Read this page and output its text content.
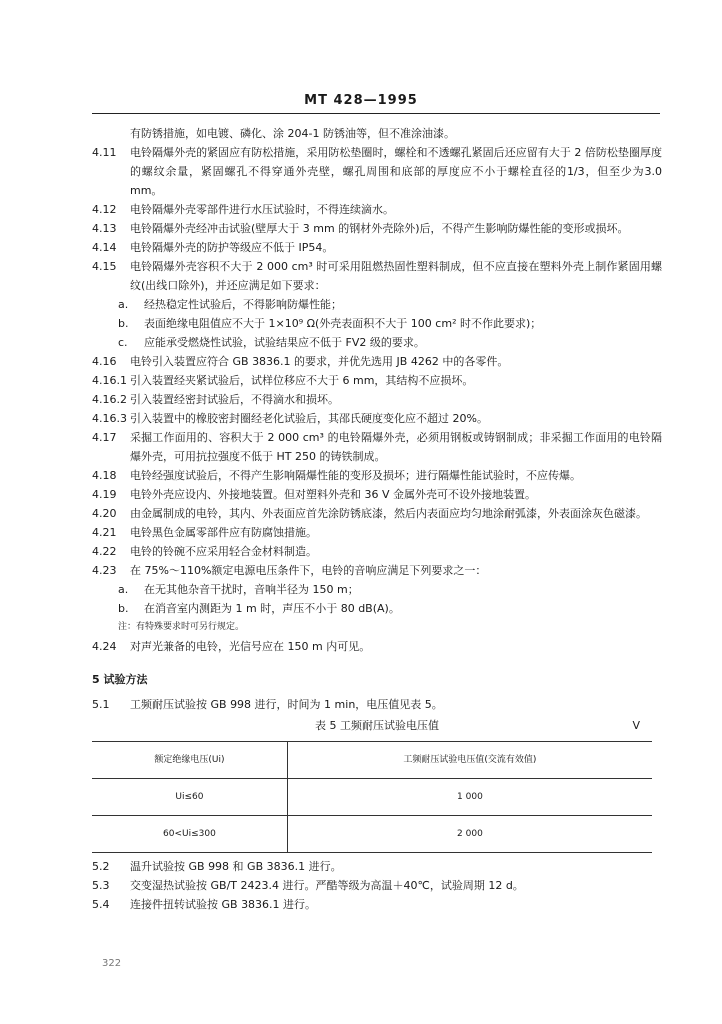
MT 428—1995
有防锈措施，如电镀、磷化、涂 204-1 防锈油等，但不准涂油漆。
4.11	电铃隔爆外壳的紧固应有防松措施，采用防松垫圈时，螺栓和不透螺孔紧固后还应留有大于 2 倍防松垫圈厚度的螺纹余量，紧固螺孔不得穿通外壳壁，螺孔周围和底部的厚度应不小于螺栓直径的1/3，但至少为3.0 mm。
4.12	电铃隔爆外壳零部件进行水压试验时，不得连续滴水。
4.13	电铃隔爆外壳经冲击试验(壁厚大于 3 mm 的钢材外壳除外)后，不得产生影响防爆性能的变形或损坏。
4.14	电铃隔爆外壳的防护等级应不低于 IP54。
4.15	电铃隔爆外壳容积不大于 2 000 cm³ 时可采用阻燃热固性塑料制成，但不应直接在塑料外壳上制作紧固用螺纹(出线口除外)，并还应满足如下要求：
a.	经热稳定性试验后，不得影响防爆性能；
b.	表面绝缘电阻值应不大于 1×10⁹ Ω(外壳表面积不大于 100 cm² 时不作此要求)；
c.	应能承受燃烧性试验，试验结果应不低于 FV2 级的要求。
4.16	电铃引入装置应符合 GB 3836.1 的要求，并优先选用 JB 4262 中的各零件。
4.16.1 引入装置经夹紧试验后，试样位移应不大于 6 mm，其结构不应损坏。
4.16.2 引入装置经密封试验后，不得滴水和损坏。
4.16.3 引入装置中的橡胶密封圈经老化试验后，其邵氏硬度变化应不超过 20%。
4.17	采掘工作面用的、容积大于 2 000 cm³ 的电铃隔爆外壳，必须用钢板或铸钢制成；非采掘工作面用的电铃隔爆外壳，可用抗拉强度不低于 HT 250 的铸铁制成。
4.18	电铃经强度试验后，不得产生影响隔爆性能的变形及损坏；进行隔爆性能试验时，不应传爆。
4.19	电铃外壳应设内、外接地装置。但对塑料外壳和 36 V 金属外壳可不设外接地装置。
4.20	由金属制成的电铃，其内、外表面应首先涂防锈底漆，然后内表面应均匀地涂耐弧漆，外表面涂灰色磁漆。
4.21	电铃黑色金属零部件应有防腐蚀措施。
4.22	电铃的铃碗不应采用轻合金材料制造。
4.23	在 75%～110%额定电源电压条件下，电铃的音响应满足下列要求之一：
a.	在无其他杂音干扰时，音响半径为 150 m；
b.	在消音室内测距为 1 m 时，声压不小于 80 dB(A)。
注：有特殊要求时可另行规定。
4.24	对声光兼备的电铃，光信号应在 150 m 内可见。
5 试验方法
5.1	工频耐压试验按 GB 998 进行，时间为 1 min，电压值见表 5。
表 5 工频耐压试验电压值	V
额定绝缘电压(Ui)	工频耐压试验电压值(交流有效值)
Ui≤60	1 000
60<Ui≤300	2 000
5.2	温升试验按 GB 998 和 GB 3836.1 进行。
5.3	交变湿热试验按 GB/T 2423.4 进行。严酷等级为高温＋40℃，试验周期 12 d。
5.4	连接件扭转试验按 GB 3836.1 进行。
322
